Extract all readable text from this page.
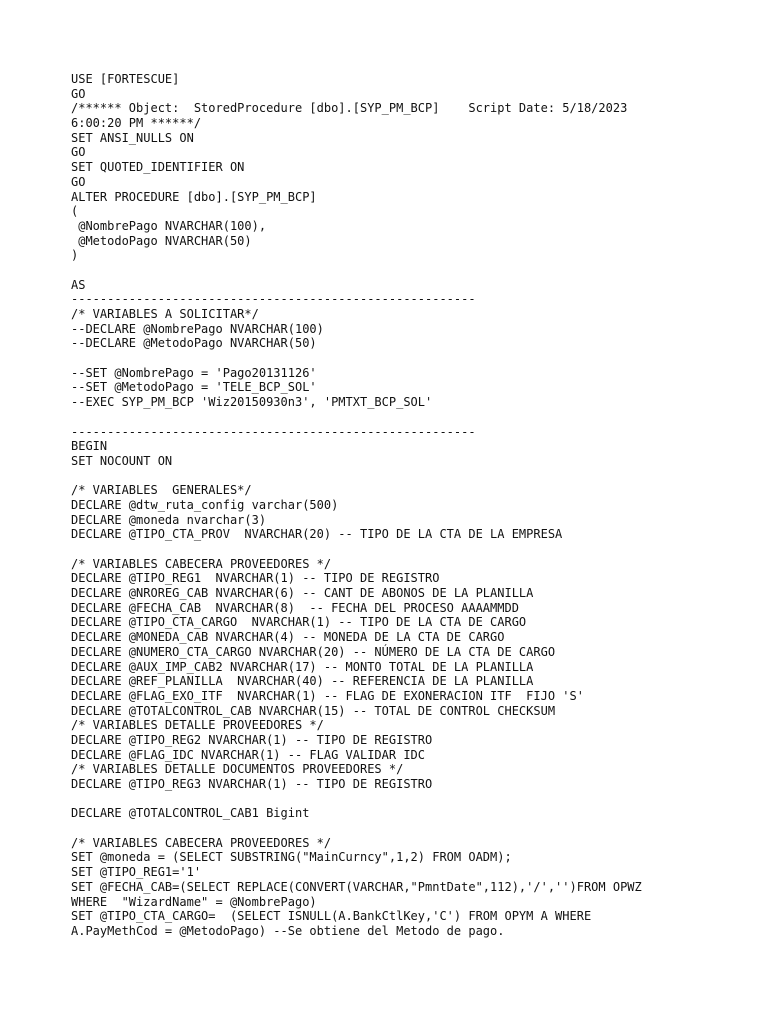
USE [FORTESCUE]
GO
/****** Object:  StoredProcedure [dbo].[SYP_PM_BCP]    Script Date: 5/18/2023
6:00:20 PM ******/
SET ANSI_NULLS ON
GO
SET QUOTED_IDENTIFIER ON
GO
ALTER PROCEDURE [dbo].[SYP_PM_BCP]
(
@NombrePago NVARCHAR(100),
@MetodoPago NVARCHAR(50)
)
AS
--------------------------------------------------------
/* VARIABLES A SOLICITAR*/
--DECLARE @NombrePago NVARCHAR(100)
--DECLARE @MetodoPago NVARCHAR(50)
--SET @NombrePago = 'Pago20131126'
--SET @MetodoPago = 'TELE_BCP_SOL'
--EXEC SYP_PM_BCP 'Wiz20150930n3', 'PMTXT_BCP_SOL'
--------------------------------------------------------
BEGIN
SET NOCOUNT ON
/* VARIABLES  GENERALES*/
DECLARE @dtw_ruta_config varchar(500)
DECLARE @moneda nvarchar(3)
DECLARE @TIPO_CTA_PROV  NVARCHAR(20) -- TIPO DE LA CTA DE LA EMPRESA
/* VARIABLES CABECERA PROVEEDORES */
DECLARE @TIPO_REG1  NVARCHAR(1) -- TIPO DE REGISTRO
DECLARE @NROREG_CAB NVARCHAR(6) -- CANT DE ABONOS DE LA PLANILLA
DECLARE @FECHA_CAB  NVARCHAR(8)  -- FECHA DEL PROCESO AAAAMMDD
DECLARE @TIPO_CTA_CARGO  NVARCHAR(1) -- TIPO DE LA CTA DE CARGO
DECLARE @MONEDA_CAB NVARCHAR(4) -- MONEDA DE LA CTA DE CARGO
DECLARE @NUMERO_CTA_CARGO NVARCHAR(20) -- NÚMERO DE LA CTA DE CARGO
DECLARE @AUX_IMP_CAB2 NVARCHAR(17) -- MONTO TOTAL DE LA PLANILLA
DECLARE @REF_PLANILLA  NVARCHAR(40) -- REFERENCIA DE LA PLANILLA
DECLARE @FLAG_EXO_ITF  NVARCHAR(1) -- FLAG DE EXONERACION ITF  FIJO 'S'
DECLARE @TOTALCONTROL_CAB NVARCHAR(15) -- TOTAL DE CONTROL CHECKSUM
/* VARIABLES DETALLE PROVEEDORES */
DECLARE @TIPO_REG2 NVARCHAR(1) -- TIPO DE REGISTRO
DECLARE @FLAG_IDC NVARCHAR(1) -- FLAG VALIDAR IDC
/* VARIABLES DETALLE DOCUMENTOS PROVEEDORES */
DECLARE @TIPO_REG3 NVARCHAR(1) -- TIPO DE REGISTRO
DECLARE @TOTALCONTROL_CAB1 Bigint
/* VARIABLES CABECERA PROVEEDORES */
SET @moneda = (SELECT SUBSTRING("MainCurncy",1,2) FROM OADM);
SET @TIPO_REG1='1'
SET @FECHA_CAB=(SELECT REPLACE(CONVERT(VARCHAR,"PmntDate",112),'/','')FROM OPWZ
WHERE  "WizardName" = @NombrePago)
SET @TIPO_CTA_CARGO=  (SELECT ISNULL(A.BankCtlKey,'C') FROM OPYM A WHERE
A.PayMethCod = @MetodoPago) --Se obtiene del Metodo de pago.
